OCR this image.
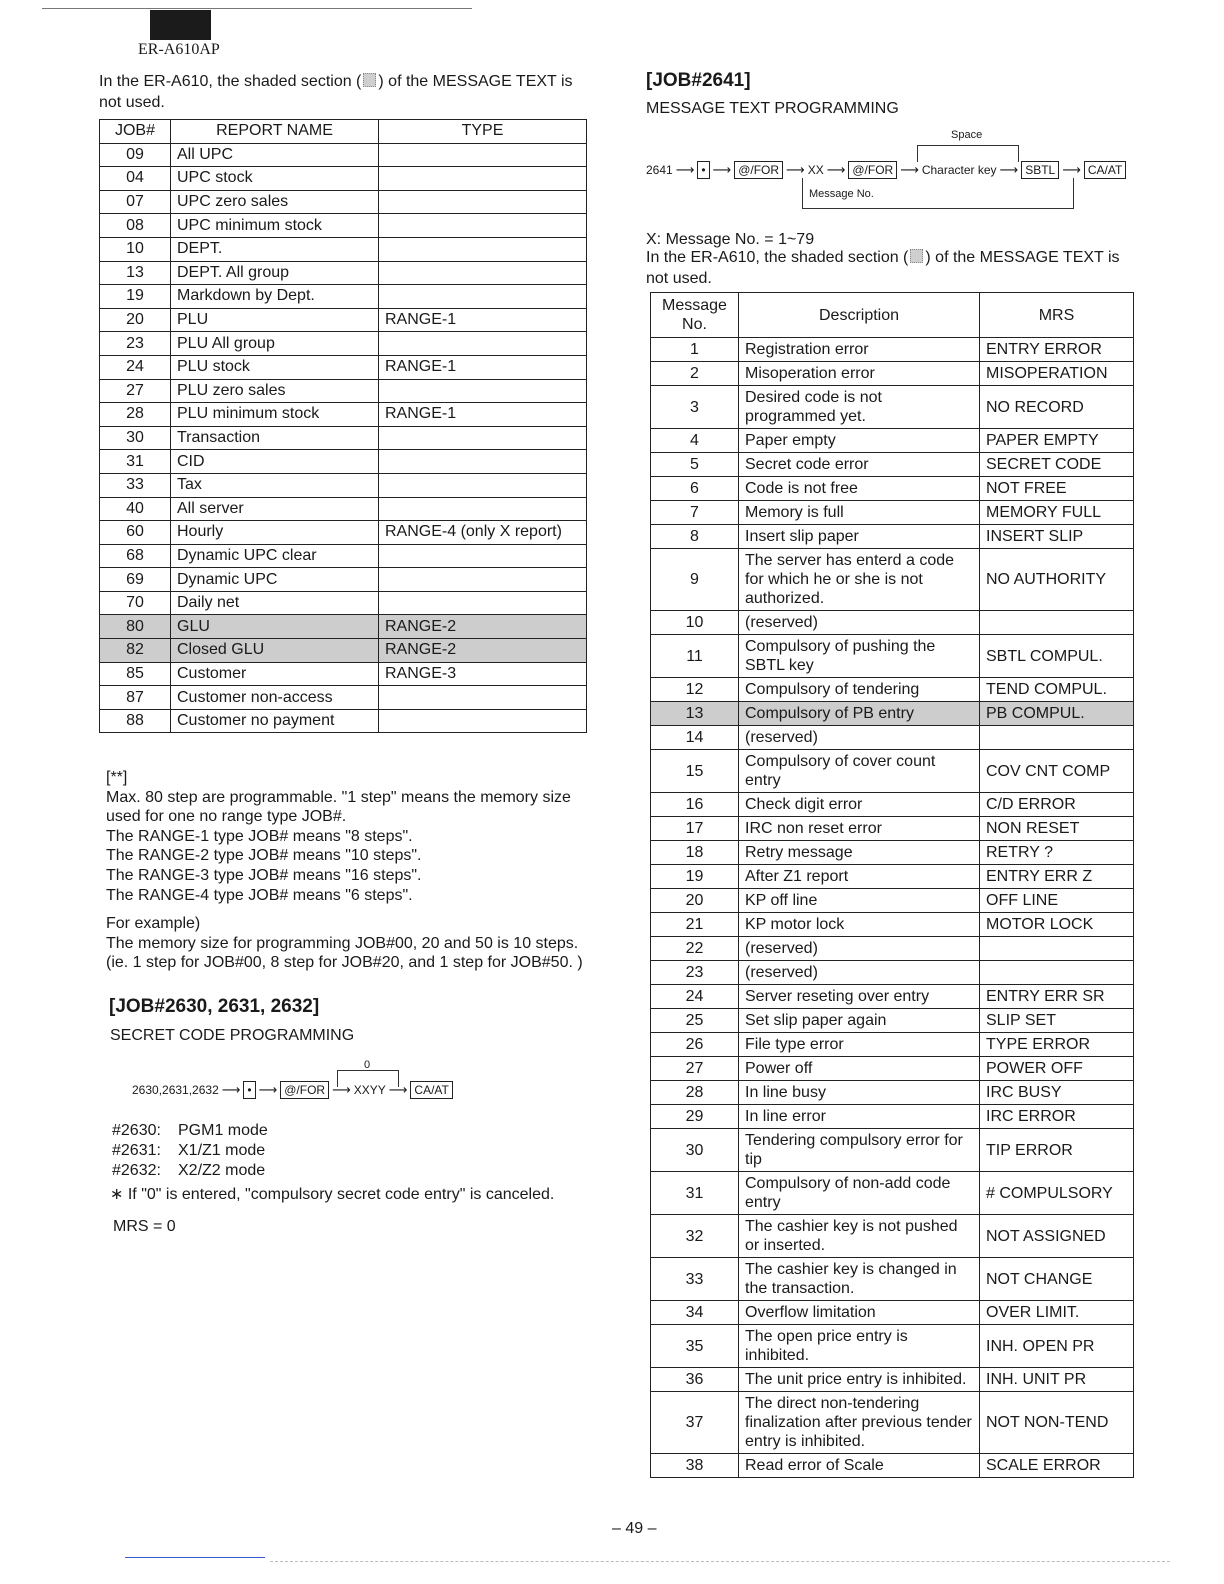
ER-A610AP
In the ER-A610, the shaded section ( ) of the MESSAGE TEXT is not used.
JOB#	REPORT NAME	TYPE
09	All UPC	
04	UPC stock	
07	UPC zero sales	
08	UPC minimum stock	
10	DEPT.	
13	DEPT. All group	
19	Markdown by Dept.	
20	PLU	RANGE-1
23	PLU All group	
24	PLU stock	RANGE-1
27	PLU zero sales	
28	PLU minimum stock	RANGE-1
30	Transaction	
31	CID	
33	Tax	
40	All server	
60	Hourly	RANGE-4 (only X report)
68	Dynamic UPC clear	
69	Dynamic UPC	
70	Daily net	
80	GLU	RANGE-2
82	Closed GLU	RANGE-2
85	Customer	RANGE-3
87	Customer non-access	
88	Customer no payment	
[**]
Max. 80 step are programmable. "1 step" means the memory size
used for one no range type JOB#.
The RANGE-1 type JOB# means "8 steps".
The RANGE-2 type JOB# means "10 steps".
The RANGE-3 type JOB# means "16 steps".
The RANGE-4 type JOB# means "6 steps".
For example)
The memory size for programming JOB#00, 20 and 50 is 10 steps.
(ie. 1 step for JOB#00, 8 step for JOB#20, and 1 step for JOB#50. )
[JOB#2630, 2631, 2632]
SECRET CODE PROGRAMMING
0
2630,2631,2632 ⟶ • ⟶ @/FOR ⟶ XXYY ⟶ CA/AT
#2630: PGM1 mode
#2631: X1/Z1 mode
#2632: X2/Z2 mode
∗ If "0" is entered, "compulsory secret code entry" is canceled.
MRS = 0
[JOB#2641]
MESSAGE TEXT PROGRAMMING
Space
Message No.
2641 ⟶ • ⟶ @/FOR ⟶ XX ⟶ @/FOR ⟶ Character key ⟶ SBTL ⟶ CA/AT
X: Message No. = 1~79
In the ER-A610, the shaded section ( ) of the MESSAGE TEXT is not used.
Message No.	Description	MRS
1	Registration error	ENTRY ERROR
2	Misoperation error	MISOPERATION
3	Desired code is not programmed yet.	NO RECORD
4	Paper empty	PAPER EMPTY
5	Secret code error	SECRET CODE
6	Code is not free	NOT FREE
7	Memory is full	MEMORY FULL
8	Insert slip paper	INSERT SLIP
9	The server has enterd a code for which he or she is not authorized.	NO AUTHORITY
10	(reserved)	
11	Compulsory of pushing the SBTL key	SBTL COMPUL.
12	Compulsory of tendering	TEND COMPUL.
13	Compulsory of PB entry	PB COMPUL.
14	(reserved)	
15	Compulsory of cover count entry	COV CNT COMP
16	Check digit error	C/D ERROR
17	IRC non reset error	NON RESET
18	Retry message	RETRY ?
19	After Z1 report	ENTRY ERR Z
20	KP off line	OFF LINE
21	KP motor lock	MOTOR LOCK
22	(reserved)	
23	(reserved)	
24	Server reseting over entry	ENTRY ERR SR
25	Set slip paper again	SLIP SET
26	File type error	TYPE ERROR
27	Power off	POWER OFF
28	In line busy	IRC BUSY
29	In line error	IRC ERROR
30	Tendering compulsory error for tip	TIP ERROR
31	Compulsory of non-add code entry	# COMPULSORY
32	The cashier key is not pushed or inserted.	NOT ASSIGNED
33	The cashier key is changed in the transaction.	NOT CHANGE
34	Overflow limitation	OVER LIMIT.
35	The open price entry is inhibited.	INH. OPEN PR
36	The unit price entry is inhibited.	INH. UNIT PR
37	The direct non-tendering finalization after previous tender entry is inhibited.	NOT NON-TEND
38	Read error of Scale	SCALE ERROR
– 49 –
